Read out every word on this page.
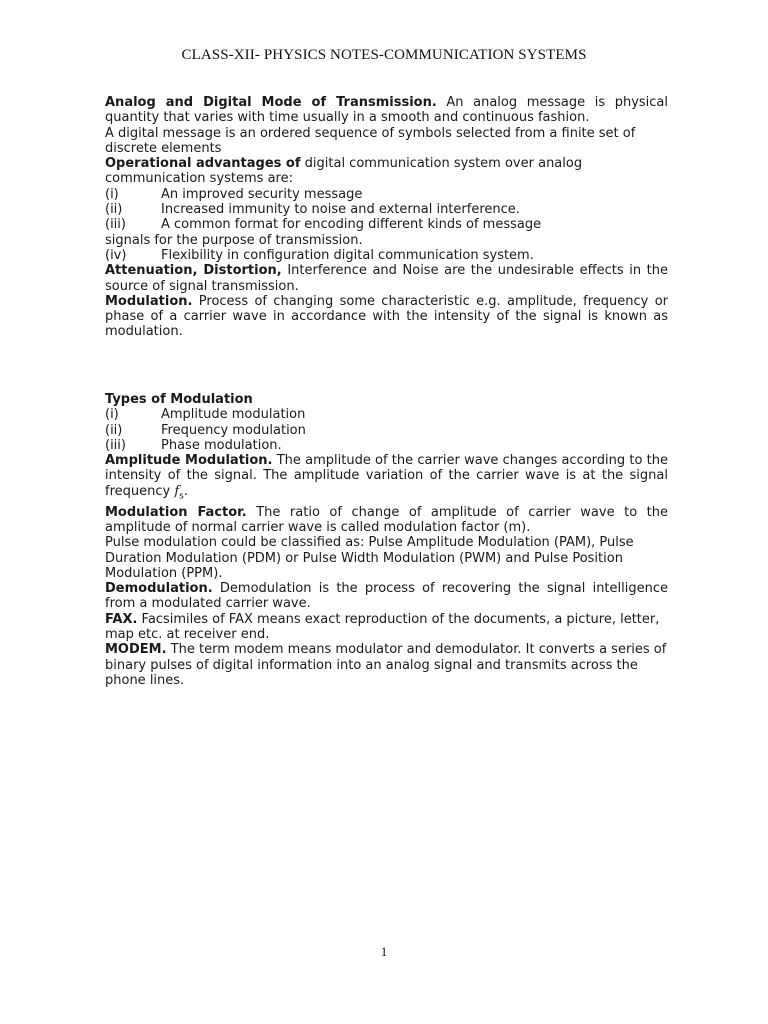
CLASS-XII- PHYSICS NOTES-COMMUNICATION SYSTEMS

Analog and Digital Mode of Transmission. An analog message is physical quantity that varies with time usually in a smooth and continuous fashion.

A digital message is an ordered sequence of symbols selected from a finite set of discrete elements

Operational advantages of digital communication system over analog communication systems are:

(i)	An improved security message
(ii)	Increased immunity to noise and external interference.
(iii)	A common format for encoding different kinds of message

signals for the purpose of transmission.

(iv)	Flexibility in configuration digital communication system.

Attenuation, Distortion, Interference and Noise are the undesirable effects in the source of signal transmission.

Modulation. Process of changing some characteristic e.g. amplitude, frequency or phase of a carrier wave in accordance with the intensity of the signal is known as modulation.

Types of Modulation

(i)	Amplitude modulation
(ii)	Frequency modulation
(iii)	Phase modulation.

Amplitude Modulation. The amplitude of the carrier wave changes according to the intensity of the signal. The amplitude variation of the carrier wave is at the signal frequency $f_s$.

Modulation Factor. The ratio of change of amplitude of carrier wave to the amplitude of normal carrier wave is called modulation factor (m).

Pulse modulation could be classified as: Pulse Amplitude Modulation (PAM), Pulse Duration Modulation (PDM) or Pulse Width Modulation (PWM) and Pulse Position Modulation (PPM).

Demodulation. Demodulation is the process of recovering the signal intelligence from a modulated carrier wave.

FAX. Facsimiles of FAX means exact reproduction of the documents, a picture, letter, map etc. at receiver end.

MODEM. The term modem means modulator and demodulator. It converts a series of binary pulses of digital information into an analog signal and transmits across the phone lines.

1
